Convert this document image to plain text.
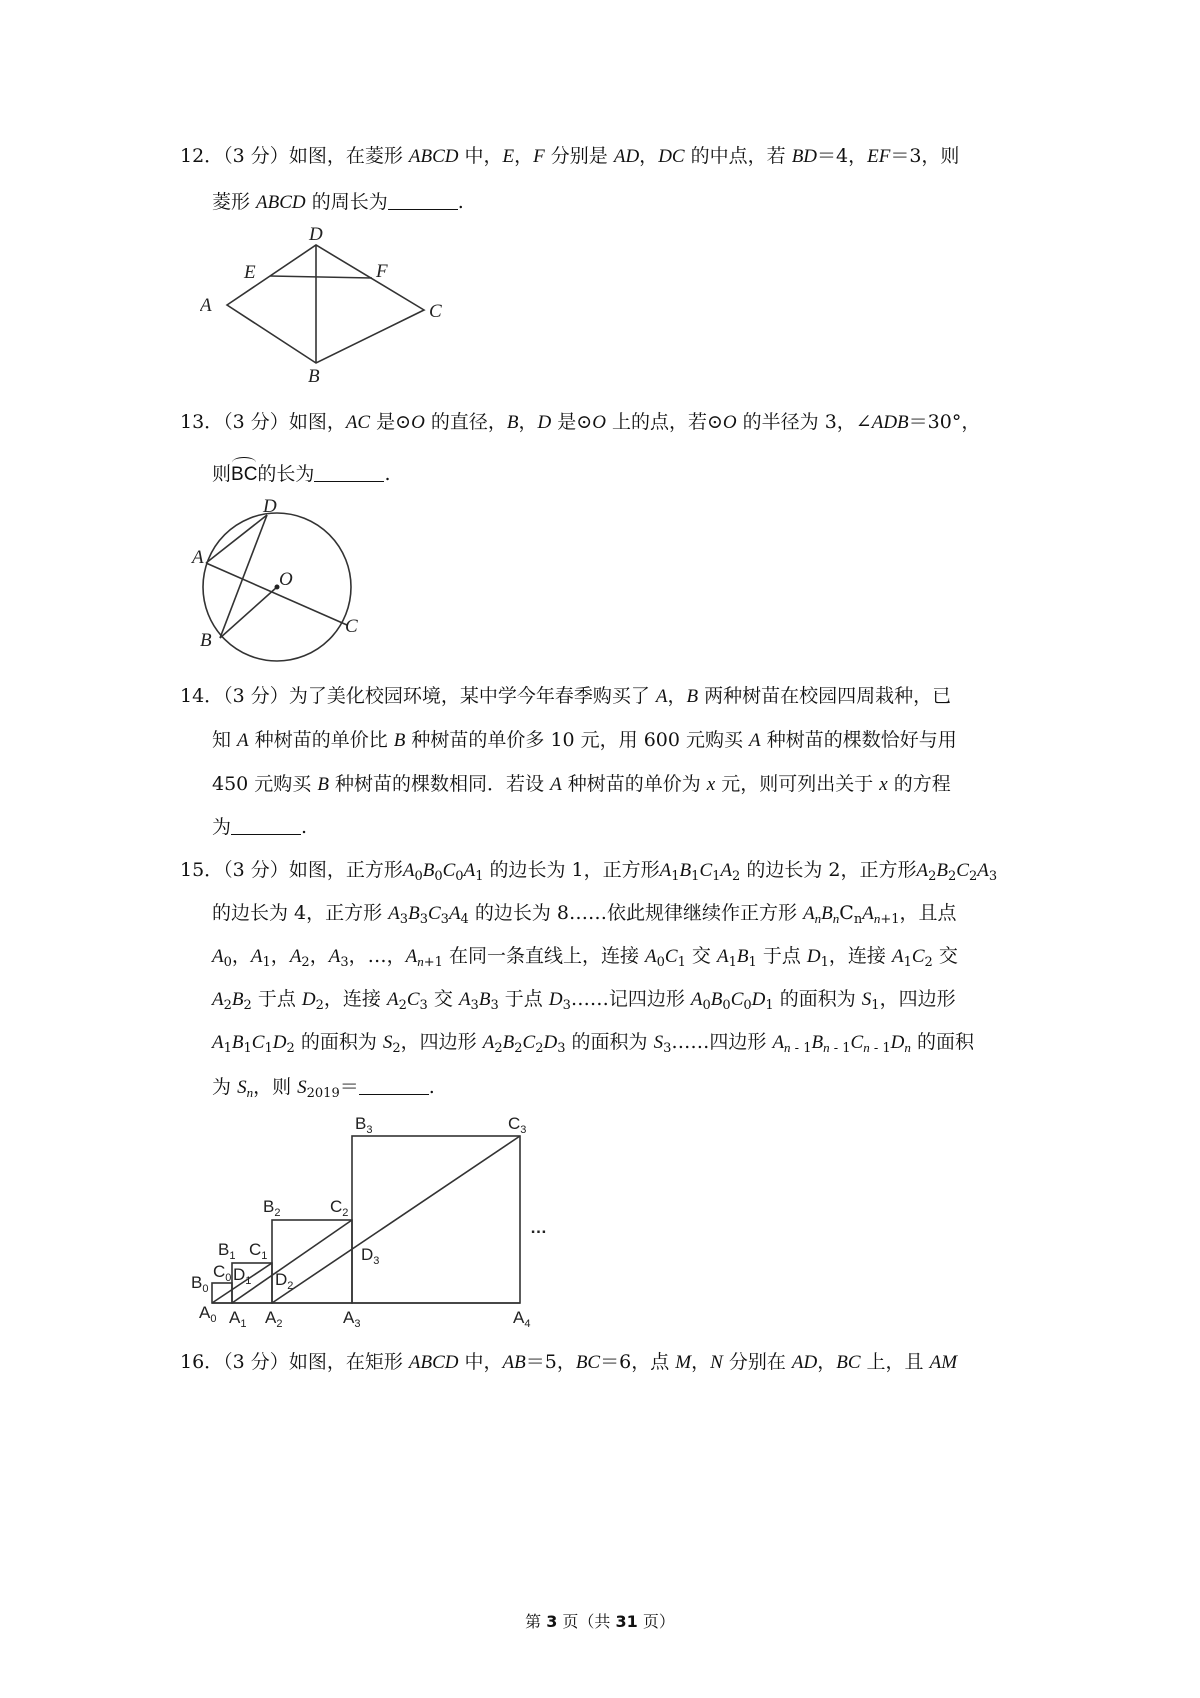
12．（3 分）如图，在菱形 ABCD 中，E，F 分别是 AD，DC 的中点，若 BD＝4，EF＝3，则
菱形 ABCD 的周长为	.
D
E	F
A	C
B
13．（3 分）如图，AC 是⊙O 的直径，B，D 是⊙O 上的点，若⊙O 的半径为 3，∠ADB＝30°，
则BC的长为	.
D
A
O
B
C
14．（3 分）为了美化校园环境，某中学今年春季购买了 A，B 两种树苗在校园四周栽种，已
知 A 种树苗的单价比 B 种树苗的单价多 10 元，用 600 元购买 A 种树苗的棵数恰好与用
450 元购买 B 种树苗的棵数相同．若设 A 种树苗的单价为 x 元，则可列出关于 x 的方程
为	.
15．（3 分）如图，正方形$A_0B_0C_0A_1$ 的边长为 1，正方形$A_1B_1C_1A_2$ 的边长为 2，正方形$A_2B_2C_2A_3$
的边长为 4，正方形 $A_3B_3C_3A_4$ 的边长为 8……依此规律继续作正方形 $A_nB_nC_nA_{n+1}$，且点
$A_0$，$A_1$，$A_2$，$A_3$，…，$A_{n+1}$ 在同一条直线上，连接 $A_0C_1$ 交 $A_1B_1$ 于点 $D_1$，连接 $A_1C_2$ 交
$A_2B_2$ 于点 $D_2$，连接 $A_2C_3$ 交 $A_3B_3$ 于点 $D_3\dots\dots$记四边形 $A_0B_0C_0D_1$ 的面积为 $S_1$，四边形
$A_1B_1C_1D_2$ 的面积为 $S_2$，四边形 $A_2B_2C_2D_3$ 的面积为 $S_3\dots\dots$四边形 $A_{n - 1}B_{n - 1}C_{n - 1}D_n$ 的面积
为 $S_n$，则 $S_{2019}=$	.
$B_3$	$C_3$
$B_2$	$C_2$
$B_1$ $C_1$
$B_0$
$C_0$ $D_1$ $D_2$
$D_3$
$A_0$ $A_1$ $A_2$	$A_3$	$A_4$
…
16．（3 分）如图，在矩形 ABCD 中，AB＝5，BC＝6，点 M，N 分别在 AD，BC 上，且 AM
第 3 页（共 31 页）
